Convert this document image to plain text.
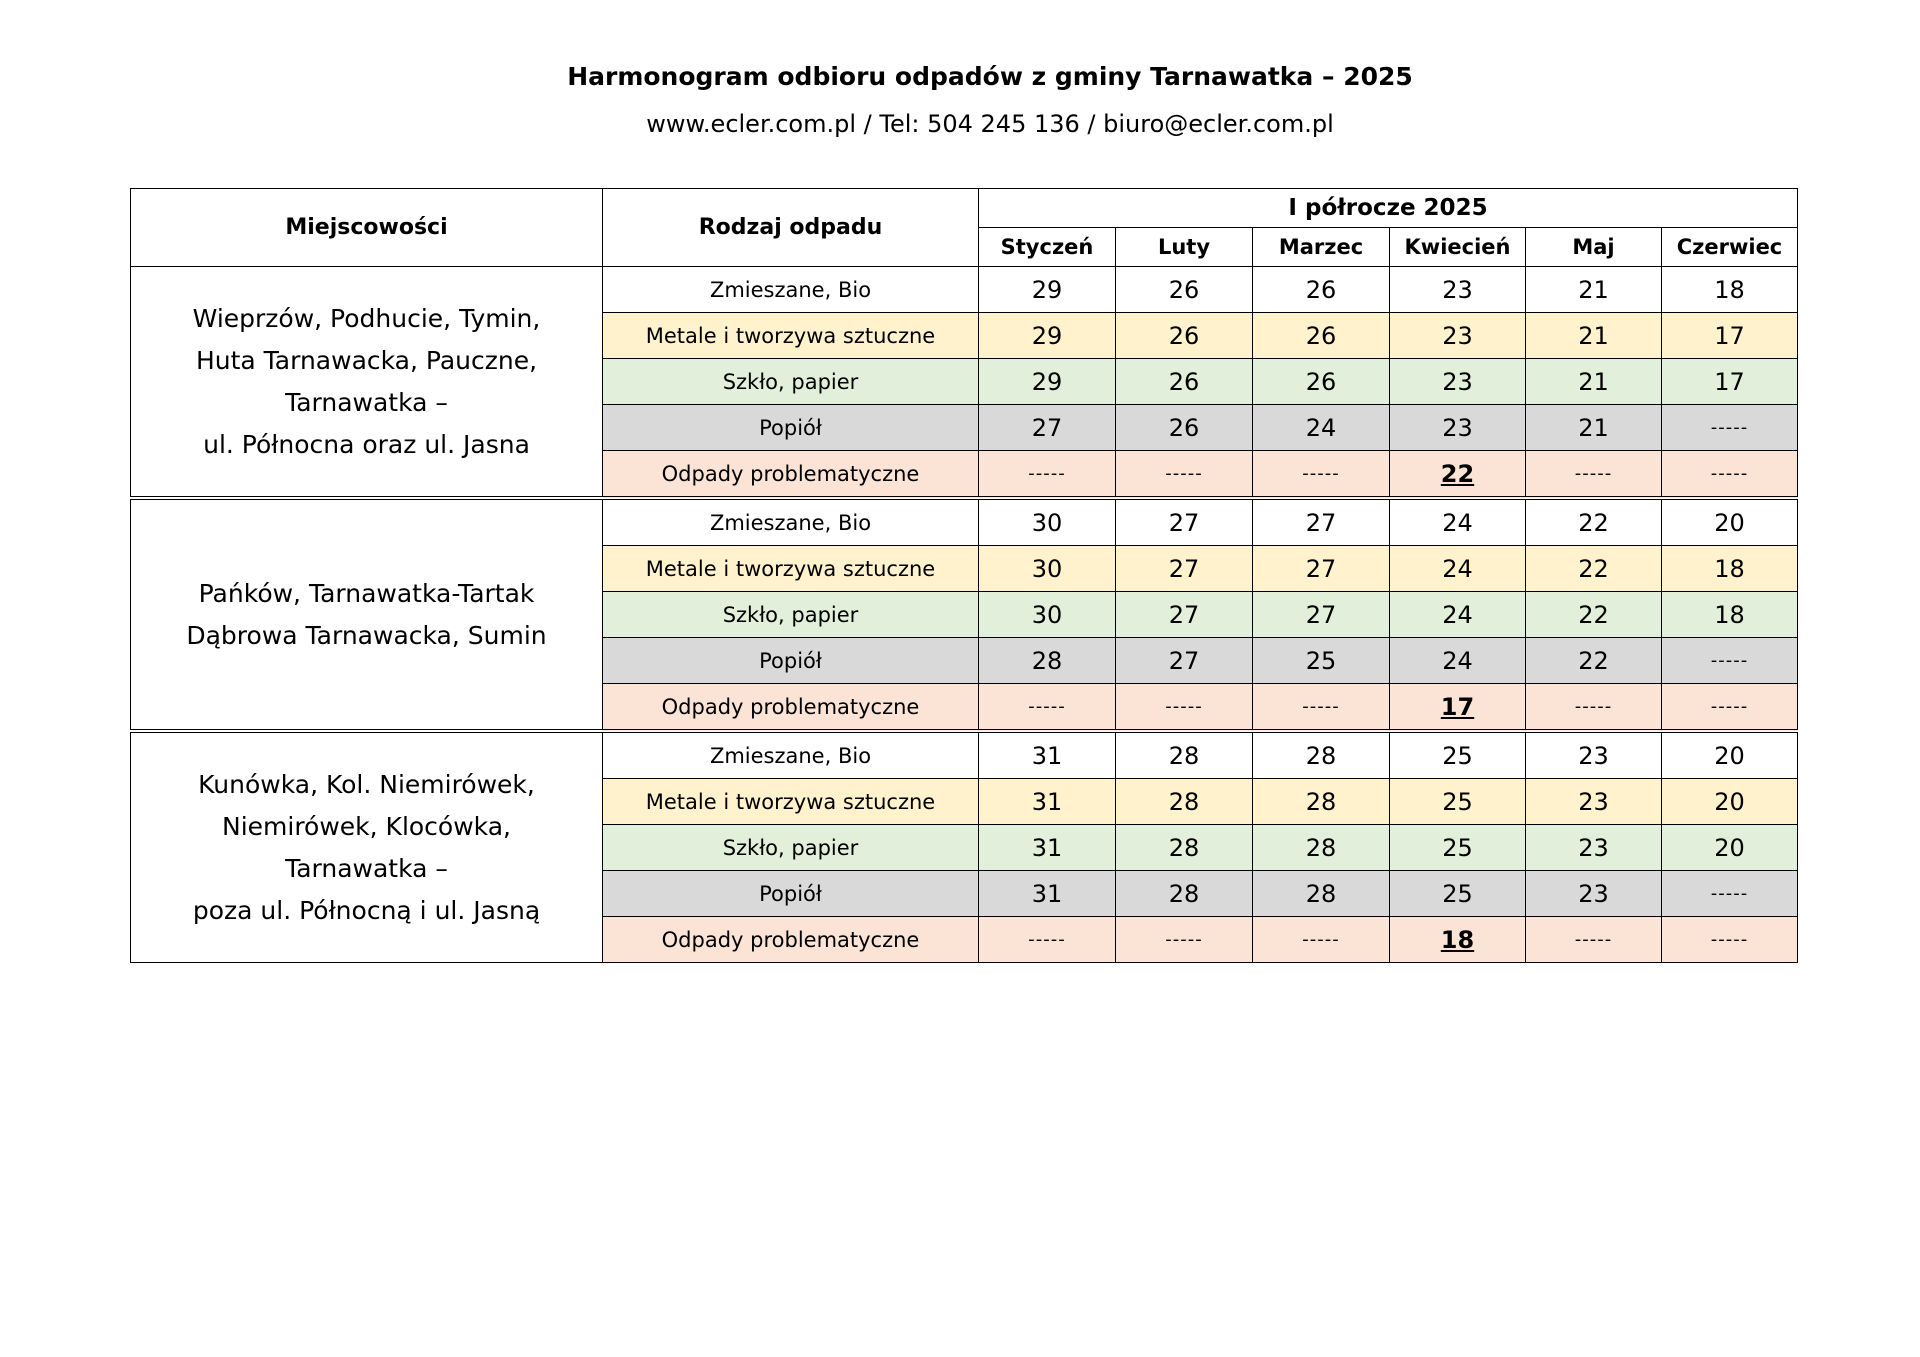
Harmonogram odbioru odpadów z gminy Tarnawatka – 2025

www.ecler.com.pl / Tel: 504 245 136 / biuro@ecler.com.pl

Miejscowości	Rodzaj odpadu	I półrocze 2025					
		Styczeń	Luty	Marzec	Kwiecień	Maj	Czerwiec

Wieprzów, Podhucie, Tymin,
Huta Tarnawacka, Pauczne,
Tarnawatka –
ul. Północna oraz ul. Jasna	Zmieszane, Bio	29	26	26	23	21	18
	Metale i tworzywa sztuczne	29	26	26	23	21	17
	Szkło, papier	29	26	26	23	21	17
	Popiół	27	26	24	23	21	-----
	Odpady problematyczne	-----	-----	-----	22	-----	-----

Pańków, Tarnawatka-Tartak
Dąbrowa Tarnawacka, Sumin	Zmieszane, Bio	30	27	27	24	22	20
	Metale i tworzywa sztuczne	30	27	27	24	22	18
	Szkło, papier	30	27	27	24	22	18
	Popiół	28	27	25	24	22	-----
	Odpady problematyczne	-----	-----	-----	17	-----	-----

Kunówka, Kol. Niemirówek,
Niemirówek, Klocówka,
Tarnawatka –
poza ul. Północną i ul. Jasną	Zmieszane, Bio	31	28	28	25	23	20
	Metale i tworzywa sztuczne	31	28	28	25	23	20
	Szkło, papier	31	28	28	25	23	20
	Popiół	31	28	28	25	23	-----
	Odpady problematyczne	-----	-----	-----	18	-----	-----
